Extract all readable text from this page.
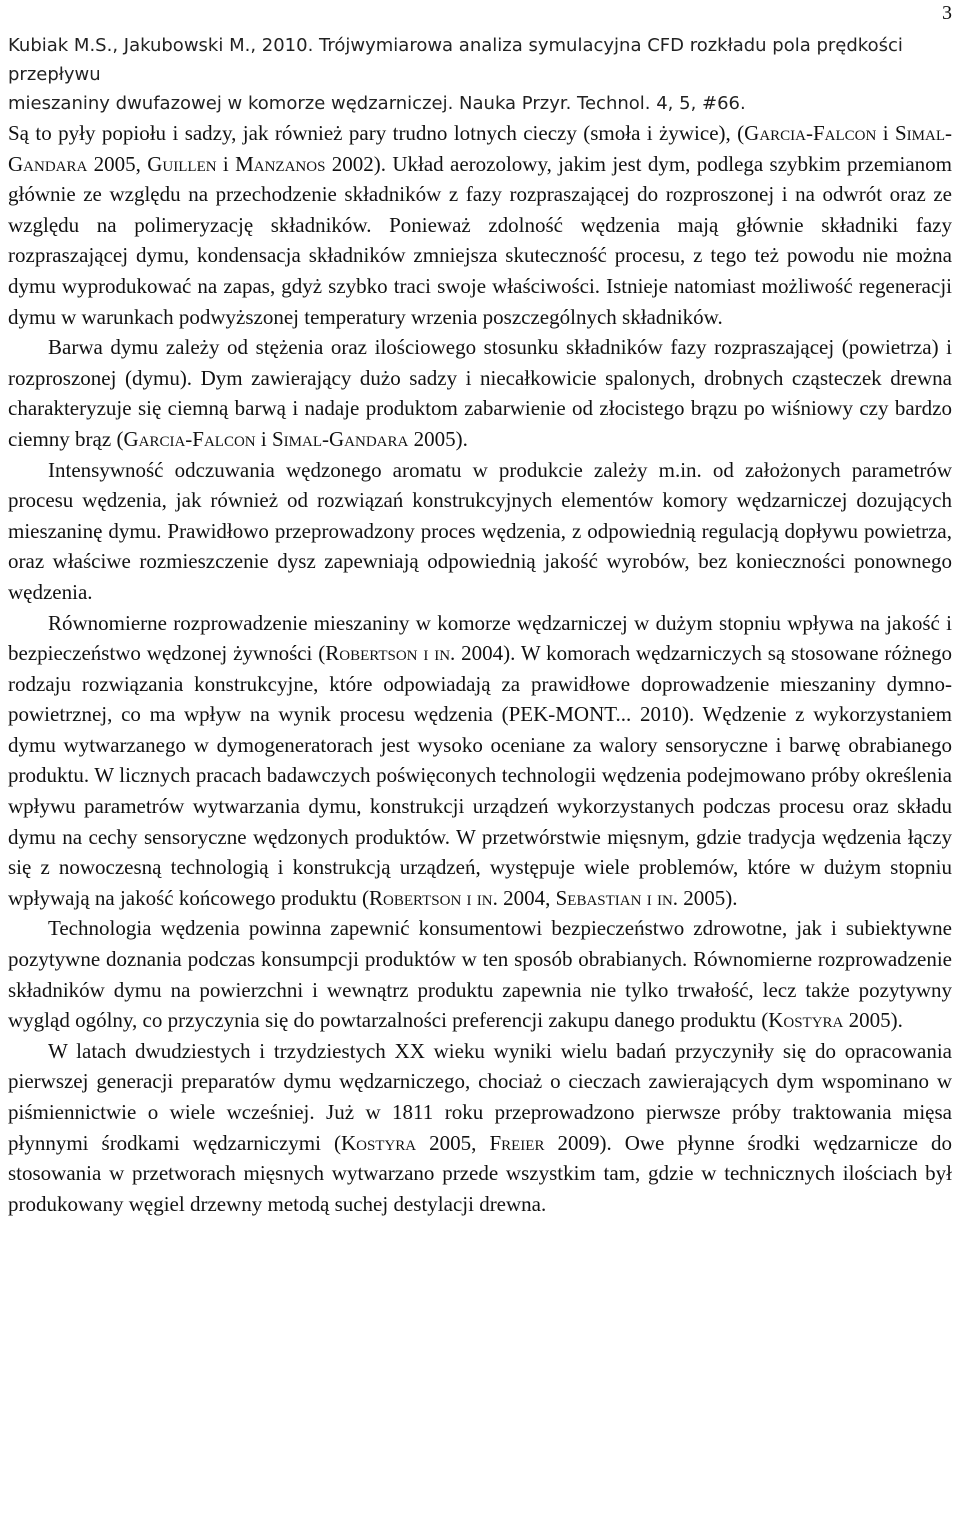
3
Kubiak M.S., Jakubowski M., 2010. Trójwymiarowa analiza symulacyjna CFD rozkładu pola prędkości przepływu
mieszaniny dwufazowej w komorze wędzarniczej. Nauka Przyr. Technol. 4, 5, #66.

Są to pyły popiołu i sadzy, jak również pary trudno lotnych cieczy (smoła i żywice), (Garcia-Falcon i Simal-Gandara 2005, Guillen i Manzanos 2002). Układ aerozolowy, jakim jest dym, podlega szybkim przemianom głównie ze względu na przechodzenie składników z fazy rozpraszającej do rozproszonej i na odwrót oraz ze względu na polimeryzację składników. Ponieważ zdolność wędzenia mają głównie składniki fazy rozpraszającej dymu, kondensacja składników zmniejsza skuteczność procesu, z tego też powodu nie można dymu wyprodukować na zapas, gdyż szybko traci swoje właściwości. Istnieje natomiast możliwość regeneracji dymu w warunkach podwyższonej temperatury wrzenia poszczególnych składników.

Barwa dymu zależy od stężenia oraz ilościowego stosunku składników fazy rozpraszającej (powietrza) i rozproszonej (dymu). Dym zawierający dużo sadzy i niecałkowicie spalonych, drobnych cząsteczek drewna charakteryzuje się ciemną barwą i nadaje produktom zabarwienie od złocistego brązu po wiśniowy czy bardzo ciemny brąz (Garcia-Falcon i Simal-Gandara 2005).

Intensywność odczuwania wędzonego aromatu w produkcie zależy m.in. od założonych parametrów procesu wędzenia, jak również od rozwiązań konstrukcyjnych elementów komory wędzarniczej dozujących mieszaninę dymu. Prawidłowo przeprowadzony proces wędzenia, z odpowiednią regulacją dopływu powietrza, oraz właściwe rozmieszczenie dysz zapewniają odpowiednią jakość wyrobów, bez konieczności ponownego wędzenia.

Równomierne rozprowadzenie mieszaniny w komorze wędzarniczej w dużym stopniu wpływa na jakość i bezpieczeństwo wędzonej żywności (Robertson i in. 2004). W komorach wędzarniczych są stosowane różnego rodzaju rozwiązania konstrukcyjne, które odpowiadają za prawidłowe doprowadzenie mieszaniny dymno-powietrznej, co ma wpływ na wynik procesu wędzenia (PEK-MONT... 2010). Wędzenie z wykorzystaniem dymu wytwarzanego w dymogeneratorach jest wysoko oceniane za walory sensoryczne i barwę obrabianego produktu. W licznych pracach badawczych poświęconych technologii wędzenia podejmowano próby określenia wpływu parametrów wytwarzania dymu, konstrukcji urządzeń wykorzystanych podczas procesu oraz składu dymu na cechy sensoryczne wędzonych produktów. W przetwórstwie mięsnym, gdzie tradycja wędzenia łączy się z nowoczesną technologią i konstrukcją urządzeń, występuje wiele problemów, które w dużym stopniu wpływają na jakość końcowego produktu (Robertson i in. 2004, Sebastian i in. 2005).

Technologia wędzenia powinna zapewnić konsumentowi bezpieczeństwo zdrowotne, jak i subiektywne pozytywne doznania podczas konsumpcji produktów w ten sposób obrabianych. Równomierne rozprowadzenie składników dymu na powierzchni i wewnątrz produktu zapewnia nie tylko trwałość, lecz także pozytywny wygląd ogólny, co przyczynia się do powtarzalności preferencji zakupu danego produktu (Kostyra 2005).

W latach dwudziestych i trzydziestych XX wieku wyniki wielu badań przyczyniły się do opracowania pierwszej generacji preparatów dymu wędzarniczego, chociaż o cieczach zawierających dym wspominano w piśmiennictwie o wiele wcześniej. Już w 1811 roku przeprowadzono pierwsze próby traktowania mięsa płynnymi środkami wędzarniczymi (Kostyra 2005, Freier 2009). Owe płynne środki wędzarnicze do stosowania w przetworach mięsnych wytwarzano przede wszystkim tam, gdzie w technicznych ilościach był produkowany węgiel drzewny metodą suchej destylacji drewna.
